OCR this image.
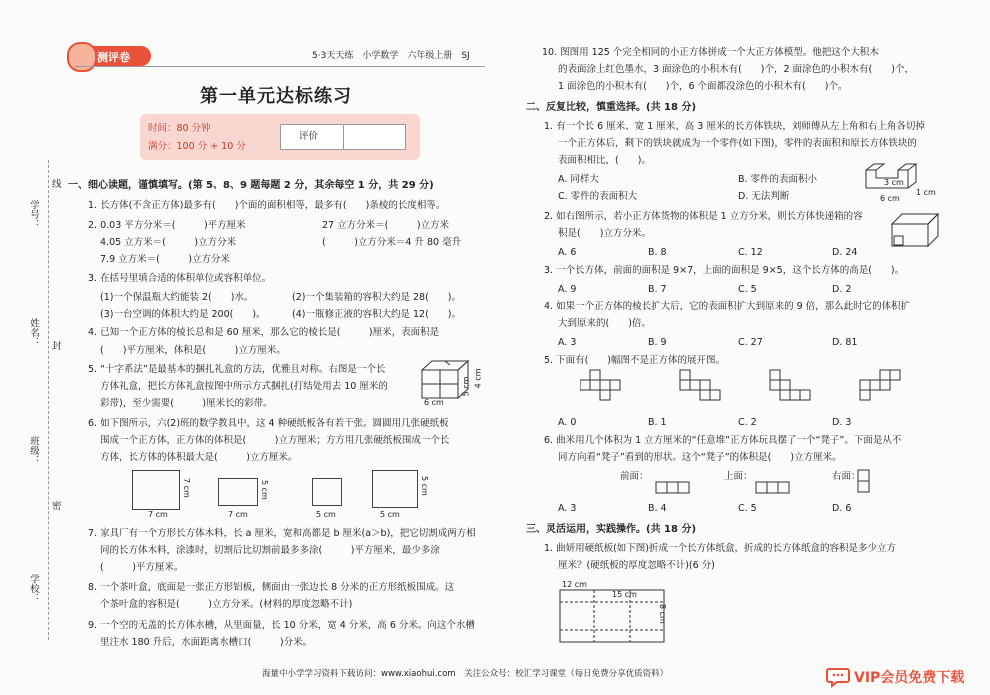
学号：
姓名：
班级：
学校：
线
封
密
测评卷	5·3天天练　小学数学　六年级上册　SJ
第一单元达标练习
时间：80 分钟
满分：100 分 + 10 分
评价
一、细心读题，谨慎填写。(第 5、8、9 题每题 2 分，其余每空 1 分，共 29 分)
1. 长方体(不含正方体)最多有(　　)个面的面积相等，最多有(　　)条棱的长度相等。
2. 0.03 平方分米＝(　　　)平方厘米	27 立方分米＝(　　　)立方米
4.05 立方米＝(　　　)立方分米	(　　　)立方分米＝4 升 80 毫升
7.9 立方米＝(　　　)立方分米
3. 在括号里填合适的体积单位或容积单位。
(1)一个保温瓶大约能装 2(　　)水。	(2)一个集装箱的容积大约是 28(　　)。
(3)一台空调的体积大约是 200(　　)。	(4)一瓶修正液的容积大约是 12(　　)。
4. 已知一个正方体的棱长总和是 60 厘米，那么它的棱长是(　　　)厘米，表面积是
(　　)平方厘米，体积是(　　　)立方厘米。
5. “十字系法”是最基本的捆扎礼盒的方法，优雅且对称。右图是一个长
方体礼盒，把长方体礼盒按图中所示方式捆扎(打结处用去 10 厘米的
彩带)，至少需要(　　　)厘米长的彩带。	6 cm
5 cm 4 cm
6. 如下图所示，六(2)班的数学教具中，这 4 种硬纸板各有若干张。圆圆用几张硬纸板
围成一个正方体，正方体的体积是(　　　)立方厘米；方方用几张硬纸板围成一个长
方体，长方体的体积最大是(　　　)立方厘米。
7 cm
7 cm
7 cm
5 cm
5 cm	5 cm
5 cm
7. 家具厂有一个方形长方体木料，长 a 厘米，宽和高都是 b 厘米(a＞b)，把它切割成两方相
同的长方体木料，涂漆时，切割后比切割前最多多涂(　　　)平方厘米，最少多涂
(　　　)平方厘米。
8. 一个茶叶盒，底面是一张正方形铝板，侧面由一张边长 8 分米的正方形纸板围成。这
个茶叶盒的容积是(　　　)立方分米。(材料的厚度忽略不计)
9. 一个空的无盖的长方体水槽，从里面量，长 10 分米，宽 4 分米，高 6 分米。向这个水槽
里注水 180 升后，水面距离水槽口(　　　)分米。
10. 图图用 125 个完全相同的小正方体拼成一个大正方体模型。他把这个大积木
的表面涂上红色墨水，3 面涂色的小积木有(　　)个，2 面涂色的小积木有(　　)个，
1 面涂色的小积木有(　　)个，6 个面都没涂色的小积木有(　　)个。
二、反复比较，慎重选择。(共 18 分)
1. 有一个长 6 厘米、宽 1 厘米、高 3 厘米的长方体铁块，刘师傅从左上角和右上角各切掉
一个正方体后，剩下的铁块就成为一个零件(如下图)，零件的表面积和原长方体铁块的
表面积相比，(　　)。
A. 同样大	B. 零件的表面积小
C. 零件的表面积大	D. 无法判断
3 cm
6 cm
1 cm
2. 如右图所示，若小正方体货物的体积是 1 立方分米，则长方体快递箱的容
积是(　　)立方分米。
A. 6	B. 8	C. 12	D. 24
3. 一个长方体，前面的面积是 9×7，上面的面积是 9×5，这个长方体的高是(　　)。
A. 9	B. 7	C. 5	D. 2
4. 如果一个正方体的棱长扩大后，它的表面积扩大到原来的 9 倍，那么此时它的体积扩
大到原来的(　　)倍。
A. 3	B. 9	C. 27	D. 81
5. 下面有(　　)幅图不是正方体的展开图。
A. 0	B. 1	C. 2	D. 3
6. 曲米用几个体积为 1 立方厘米的“任意堆”正方体玩具摆了一个“凳子”。下面是从不
同方向看“凳子”看到的形状。这个“凳子”的体积是(　　)立方厘米。
前面：	上面：	右面：
A. 3	B. 4	C. 5	D. 6
三、灵活运用，实践操作。(共 18 分)
1. 曲妍用硬纸板(如下图)折成一个长方体纸盒，折成的长方体纸盒的容积是多少立方
厘米？(硬纸板的厚度忽略不计)(6 分)
12 cm
15 cm
8 cm
海量中小学学习资料下载访问：www.xiaohui.com　关注公众号：校汇学习课堂（每日免费分享优质资料）	VIP会员免费下载
